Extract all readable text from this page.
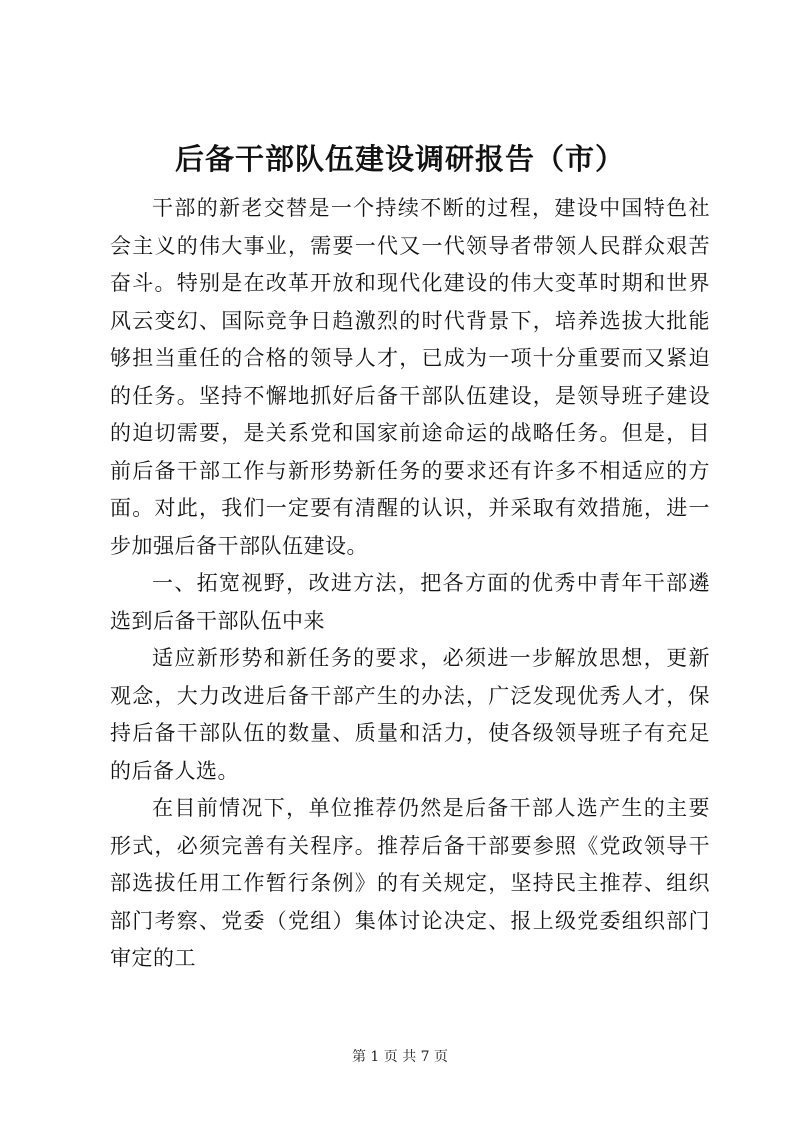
后备干部队伍建设调研报告（市）

干部的新老交替是一个持续不断的过程，建设中国特色社会主义的伟大事业，需要一代又一代领导者带领人民群众艰苦奋斗。特别是在改革开放和现代化建设的伟大变革时期和世界风云变幻、国际竞争日趋激烈的时代背景下，培养选拔大批能够担当重任的合格的领导人才，已成为一项十分重要而又紧迫的任务。坚持不懈地抓好后备干部队伍建设，是领导班子建设的迫切需要，是关系党和国家前途命运的战略任务。但是，目前后备干部工作与新形势新任务的要求还有许多不相适应的方面。对此，我们一定要有清醒的认识，并采取有效措施，进一步加强后备干部队伍建设。

一、拓宽视野，改进方法，把各方面的优秀中青年干部遴选到后备干部队伍中来

适应新形势和新任务的要求，必须进一步解放思想，更新观念，大力改进后备干部产生的办法，广泛发现优秀人才，保持后备干部队伍的数量、质量和活力，使各级领导班子有充足的后备人选。

在目前情况下，单位推荐仍然是后备干部人选产生的主要形式，必须完善有关程序。推荐后备干部要参照《党政领导干部选拔任用工作暂行条例》的有关规定，坚持民主推荐、组织部门考察、党委（党组）集体讨论决定、报上级党委组织部门审定的工

第 1 页 共 7 页
